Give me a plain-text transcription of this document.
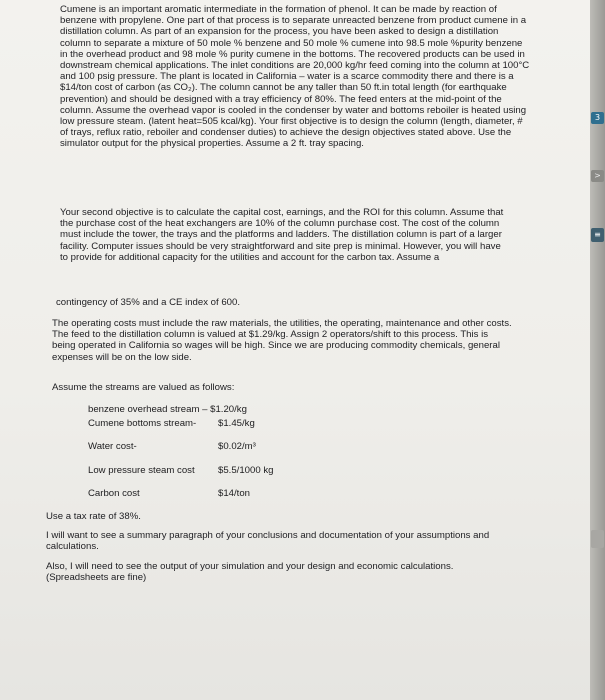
Cumene is an important aromatic intermediate in the formation of phenol. It can be made by reaction of benzene with propylene. One part of that process is to separate unreacted benzene from product cumene in a distillation column. As part of an expansion for the process, you have been asked to design a distillation column to separate a mixture of 50 mole % benzene and 50 mole % cumene into 98.5 mole %purity benzene in the overhead product and 98 mole % purity cumene in the bottoms. The recovered products can be used in downstream chemical applications. The inlet conditions are 20,000 kg/hr feed coming into the column at 100°C and 100 psig pressure. The plant is located in California – water is a scarce commodity there and there is a $14/ton cost of carbon (as CO₂). The column cannot be any taller than 50 ft.in total length (for earthquake prevention) and should be designed with a tray efficiency of 80%. The feed enters at the mid-point of the column. Assume the overhead vapor is cooled in the condenser by water and bottoms reboiler is heated using low pressure steam. (latent heat=505 kcal/kg). Your first objective is to design the column (length, diameter, # of trays, reflux ratio, reboiler and condenser duties) to achieve the design objectives stated above. Use the simulator output for the physical properties. Assume a 2 ft. tray spacing.
Your second objective is to calculate the capital cost, earnings, and the ROI for this column. Assume that the purchase cost of the heat exchangers are 10% of the column purchase cost. The cost of the column must include the tower, the trays and the platforms and ladders. The distillation column is part of a larger facility. Computer issues should be very straightforward and site prep is minimal. However, you will have to provide for additional capacity for the utilities and account for the carbon tax. Assume a
contingency of 35% and a CE index of 600.
The operating costs must include the raw materials, the utilities, the operating, maintenance and other costs. The feed to the distillation column is valued at $1.29/kg. Assign 2 operators/shift to this process. This is being operated in California so wages will be high. Since we are producing commodity chemicals, general expenses will be on the low side.
Assume the streams are valued as follows:
benzene overhead stream – $1.20/kg
Cumene bottoms stream- $1.45/kg
Water cost-	$0.02/m³
Low pressure steam cost $5.5/1000 kg
Carbon cost	$14/ton
Use a tax rate of 38%.
I will want to see a summary paragraph of your conclusions and documentation of your assumptions and calculations.
Also, I will need to see the output of your simulation and your design and economic calculations. (Spreadsheets are fine)
3
>
≡
